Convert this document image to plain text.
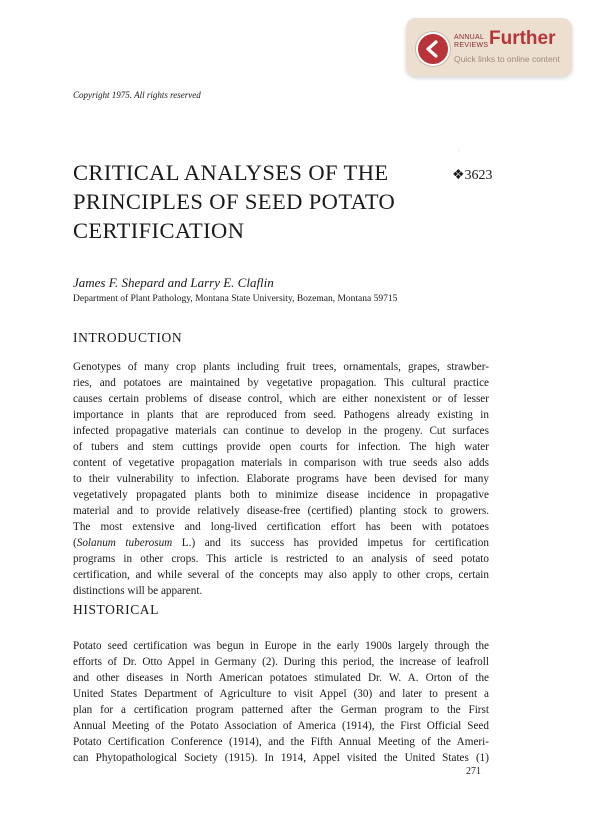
ANNUAL
REVIEWS Further
Quick links to online content
Copyright 1975. All rights reserved
·
CRITICAL ANALYSES OF THE
PRINCIPLES OF SEED POTATO
CERTIFICATION
❖3623
James F. Shepard and Larry E. Claflin
Department of Plant Pathology, Montana State University, Bozeman, Montana 59715
INTRODUCTION
Genotypes of many crop plants including fruit trees, ornamentals, grapes, strawber-
ries, and potatoes are maintained by vegetative propagation. This cultural practice
causes certain problems of disease control, which are either nonexistent or of lesser
importance in plants that are reproduced from seed. Pathogens already existing in
infected propagative materials can continue to develop in the progeny. Cut surfaces
of tubers and stem cuttings provide open courts for infection. The high water
content of vegetative propagation materials in comparison with true seeds also adds
to their vulnerability to infection. Elaborate programs have been devised for many
vegetatively propagated plants both to minimize disease incidence in propagative
material and to provide relatively disease-free (certified) planting stock to growers.
The most extensive and long-lived certification effort has been with potatoes
(Solanum tuberosum L.) and its success has provided impetus for certification
programs in other crops. This article is restricted to an analysis of seed potato
certification, and while several of the concepts may also apply to other crops, certain
distinctions will be apparent.
HISTORICAL
Potato seed certification was begun in Europe in the early 1900s largely through the
efforts of Dr. Otto Appel in Germany (2). During this period, the increase of leafroll
and other diseases in North American potatoes stimulated Dr. W. A. Orton of the
United States Department of Agriculture to visit Appel (30) and later to present a
plan for a certification program patterned after the German program to the First
Annual Meeting of the Potato Association of America (1914), the First Official Seed
Potato Certification Conference (1914), and the Fifth Annual Meeting of the Ameri-
can Phytopathological Society (1915). In 1914, Appel visited the United States (1)
271
